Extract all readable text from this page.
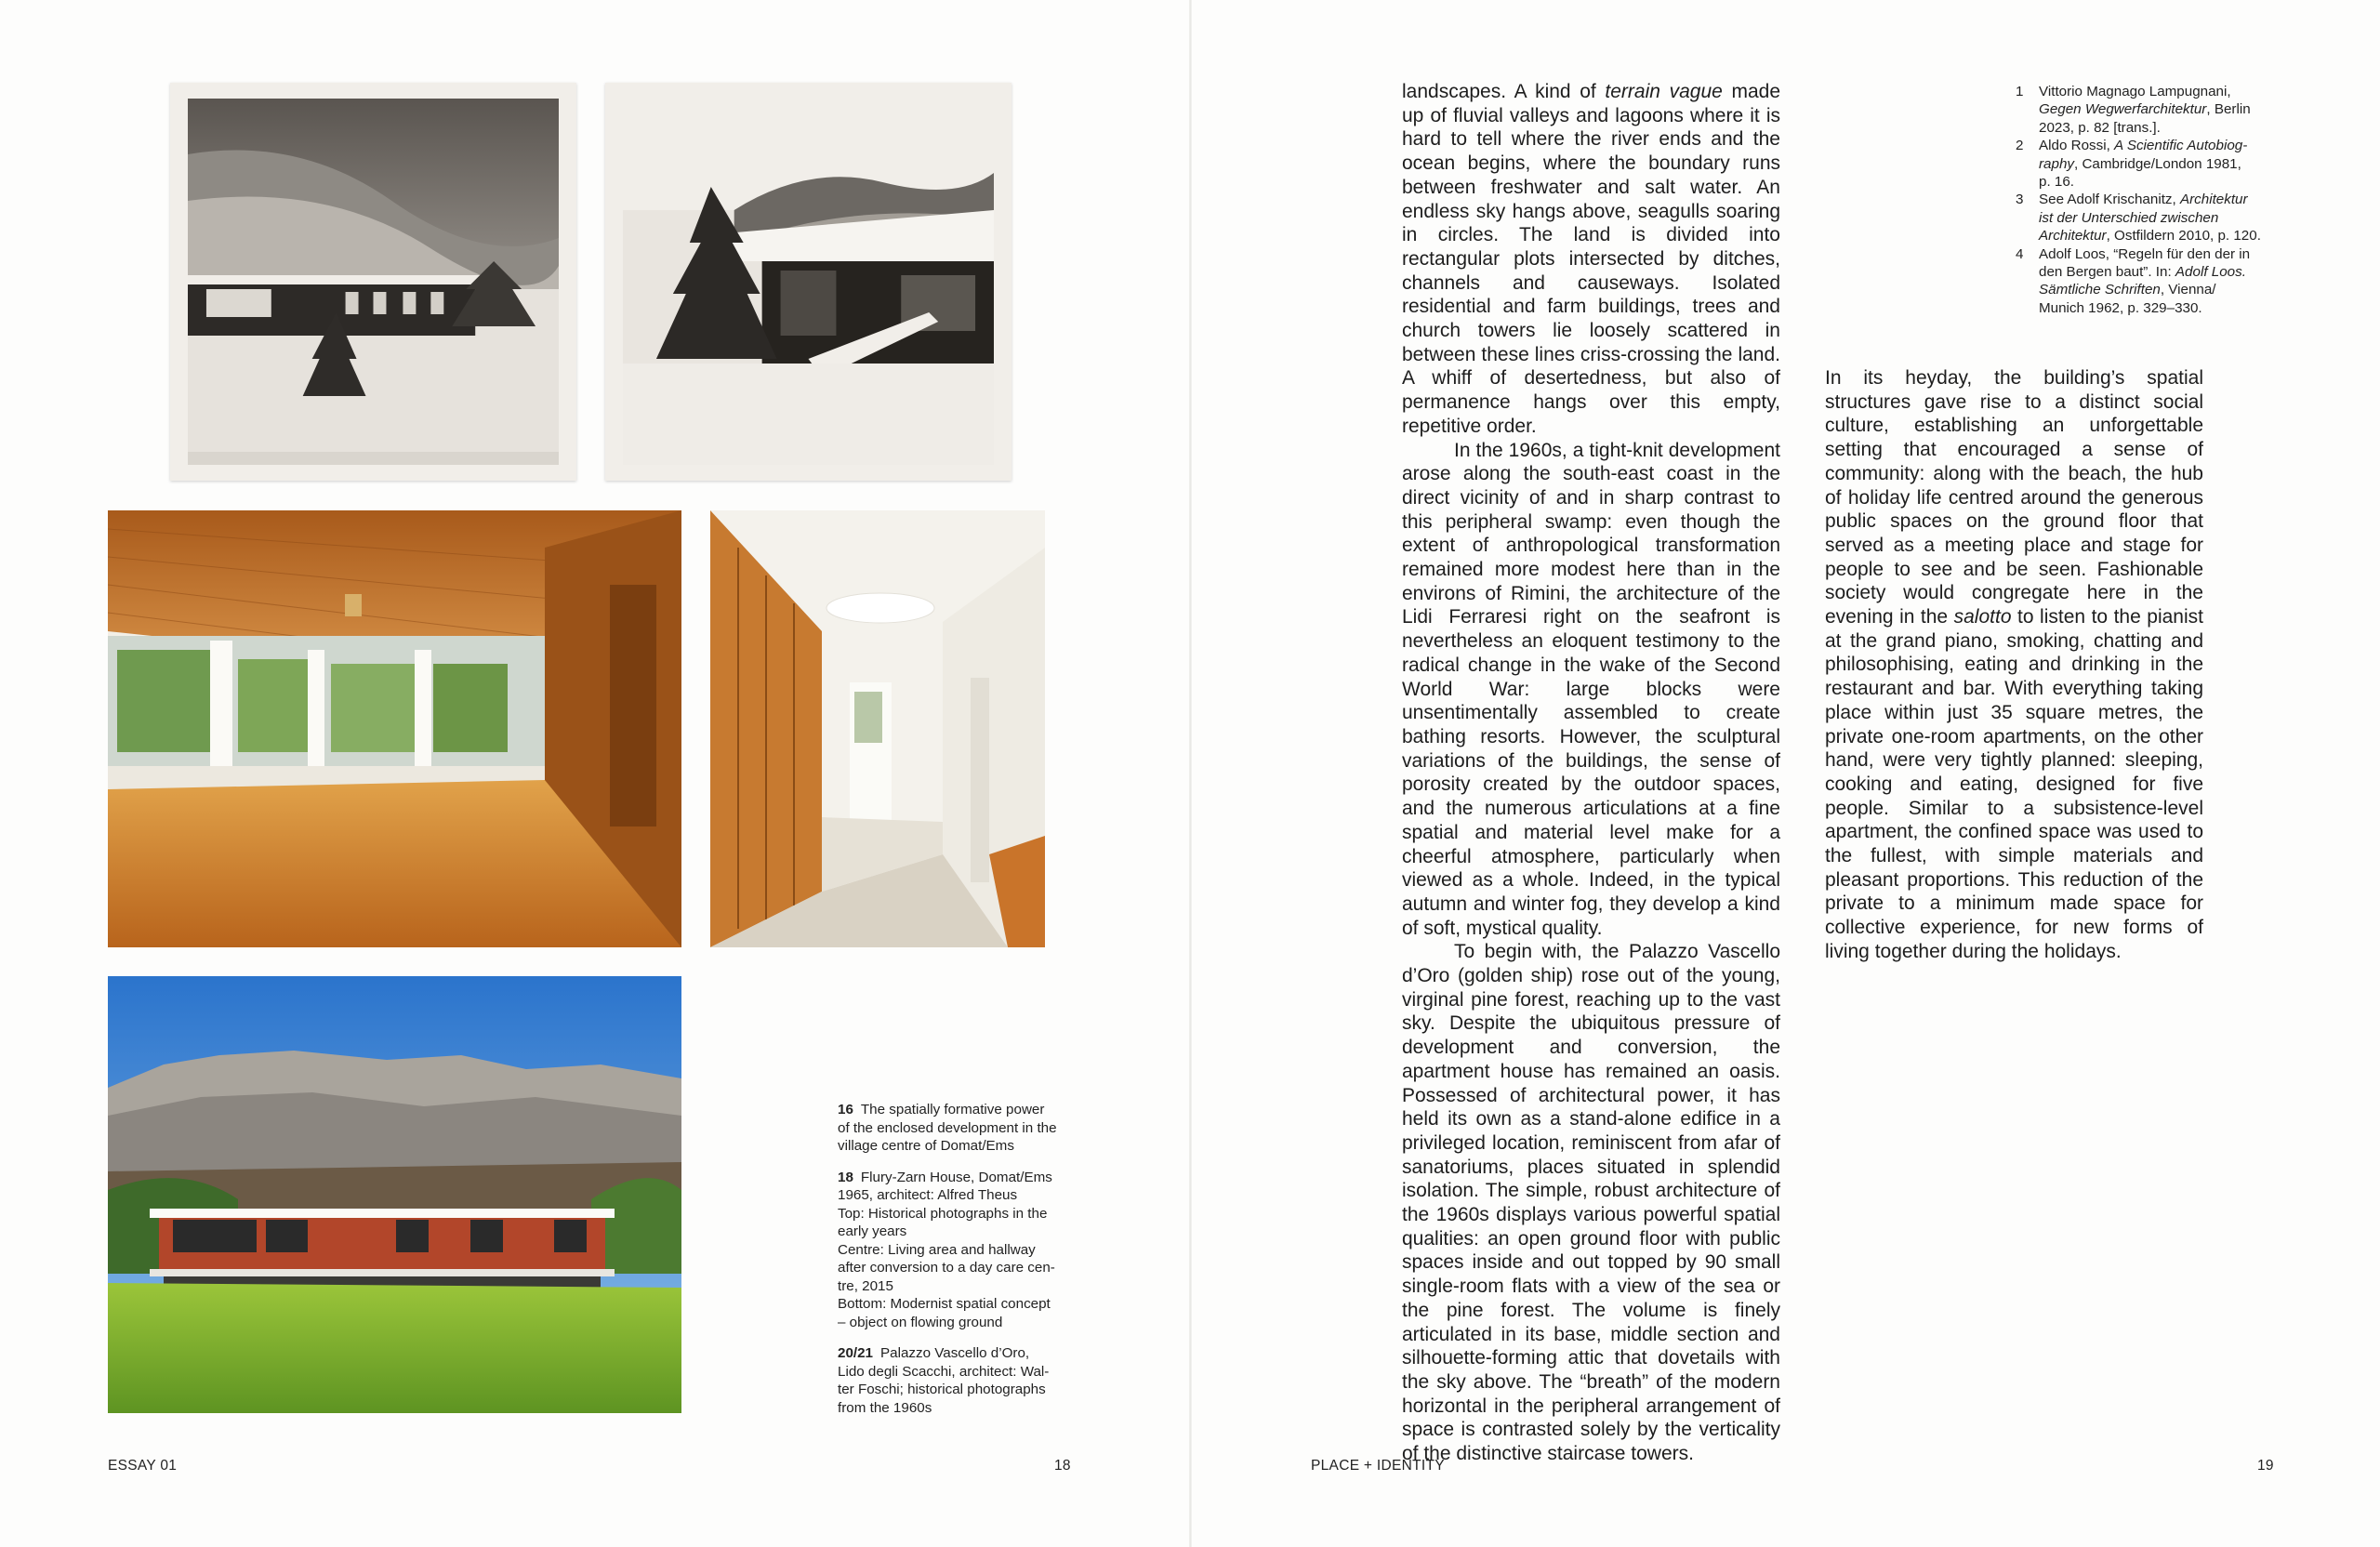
16 The spatially formative power
of the enclosed development in the
village centre of Domat/Ems

18 Flury-Zarn House, Domat/Ems
1965, architect: Alfred Theus
Top: Historical photographs in the
early years
Centre: Living area and hallway
after conversion to a day care cen-
tre, 2015
Bottom: Modernist spatial concept
– object on flowing ground

20/21 Palazzo Vascello d’Oro,
Lido degli Scacchi, architect: Wal-
ter Foschi; historical photographs
from the 1960s

ESSAY 01	18

landscapes. A kind of terrain vague made up of fluvial valleys and lagoons where it is hard to tell where the river ends and the ocean begins, where the boundary runs between freshwater and salt water. An endless sky hangs above, seagulls soaring in circles. The land is divided into rectangular plots intersected by ditches, channels and causeways. Isolated residential and farm buildings, trees and church towers lie loosely scattered in between these lines criss-crossing the land. A whiff of desertedness, but also of permanence hangs over this empty, repetitive order.

In the 1960s, a tight-knit development arose along the south-east coast in the direct vicinity of and in sharp contrast to this peripheral swamp: even though the extent of anthropological transformation remained more modest here than in the environs of Rimini, the architecture of the Lidi Ferraresi right on the seafront is nevertheless an eloquent testimony to the radical change in the wake of the Second World War: large blocks were unsentimentally assembled to create bathing resorts. However, the sculptural variations of the buildings, the sense of porosity created by the outdoor spaces, and the numerous articulations at a fine spatial and material level make for a cheerful atmosphere, particularly when viewed as a whole. Indeed, in the typical autumn and winter fog, they develop a kind of soft, mystical quality.

To begin with, the Palazzo Vascello d’Oro (golden ship) rose out of the young, virginal pine forest, reaching up to the vast sky. Despite the ubiquitous pressure of development and conversion, the apartment house has remained an oasis. Possessed of architectural power, it has held its own as a stand-alone edifice in a privileged location, reminiscent from afar of sanatoriums, places situated in splendid isolation. The simple, robust architecture of the 1960s displays various powerful spatial qualities: an open ground floor with public spaces inside and out topped by 90 small single-room flats with a view of the sea or the pine forest. The volume is finely articulated in its base, middle section and silhouette-forming attic that dovetails with the sky above. The “breath” of the modern horizontal in the peripheral arrangement of space is contrasted solely by the verticality of the distinctive staircase towers.

1 Vittorio Magnago Lampugnani,
Gegen Wegwerfarchitektur, Berlin
2023, p. 82 [trans.].

2 Aldo Rossi, A Scientific Autobiog-
raphy, Cambridge/London 1981,
p. 16.

3 See Adolf Krischanitz, Architektur
ist der Unterschied zwischen
Architektur, Ostfildern 2010, p. 120.

4 Adolf Loos, “Regeln für den der in
den Bergen baut”. In: Adolf Loos.
Sämtliche Schriften, Vienna/
Munich 1962, p. 329–330.

In its heyday, the building’s spatial structures gave rise to a distinct social culture, establishing an unforgettable setting that encouraged a sense of community: along with the beach, the hub of holiday life centred around the generous public spaces on the ground floor that served as a meeting place and stage for people to see and be seen. Fashionable society would congregate here in the evening in the salotto to listen to the pianist at the grand piano, smoking, chatting and philosophising, eating and drinking in the restaurant and bar. With everything taking place within just 35 square metres, the private one-room apartments, on the other hand, were very tightly planned: sleeping, cooking and eating, designed for five people. Similar to a subsistence-level apartment, the confined space was used to the fullest, with simple materials and pleasant proportions. This reduction of the private to a minimum made space for collective experience, for new forms of living together during the holidays.

PLACE + IDENTITY	19
